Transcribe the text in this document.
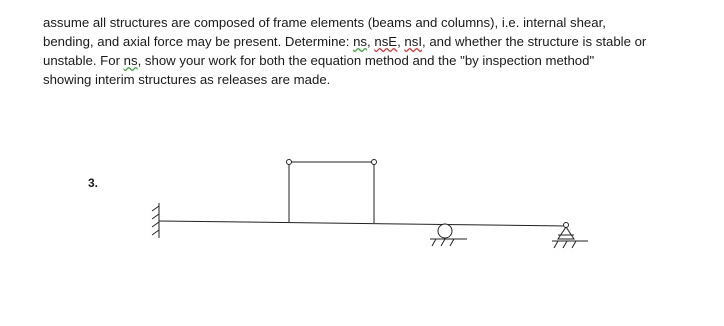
assume all structures are composed of frame elements (beams and columns), i.e. internal shear,
bending, and axial force may be present. Determine: ns, nsE, nsI, and whether the structure is stable or
unstable. For ns, show your work for both the equation method and the "by inspection method"
showing interim structures as releases are made.
3.
